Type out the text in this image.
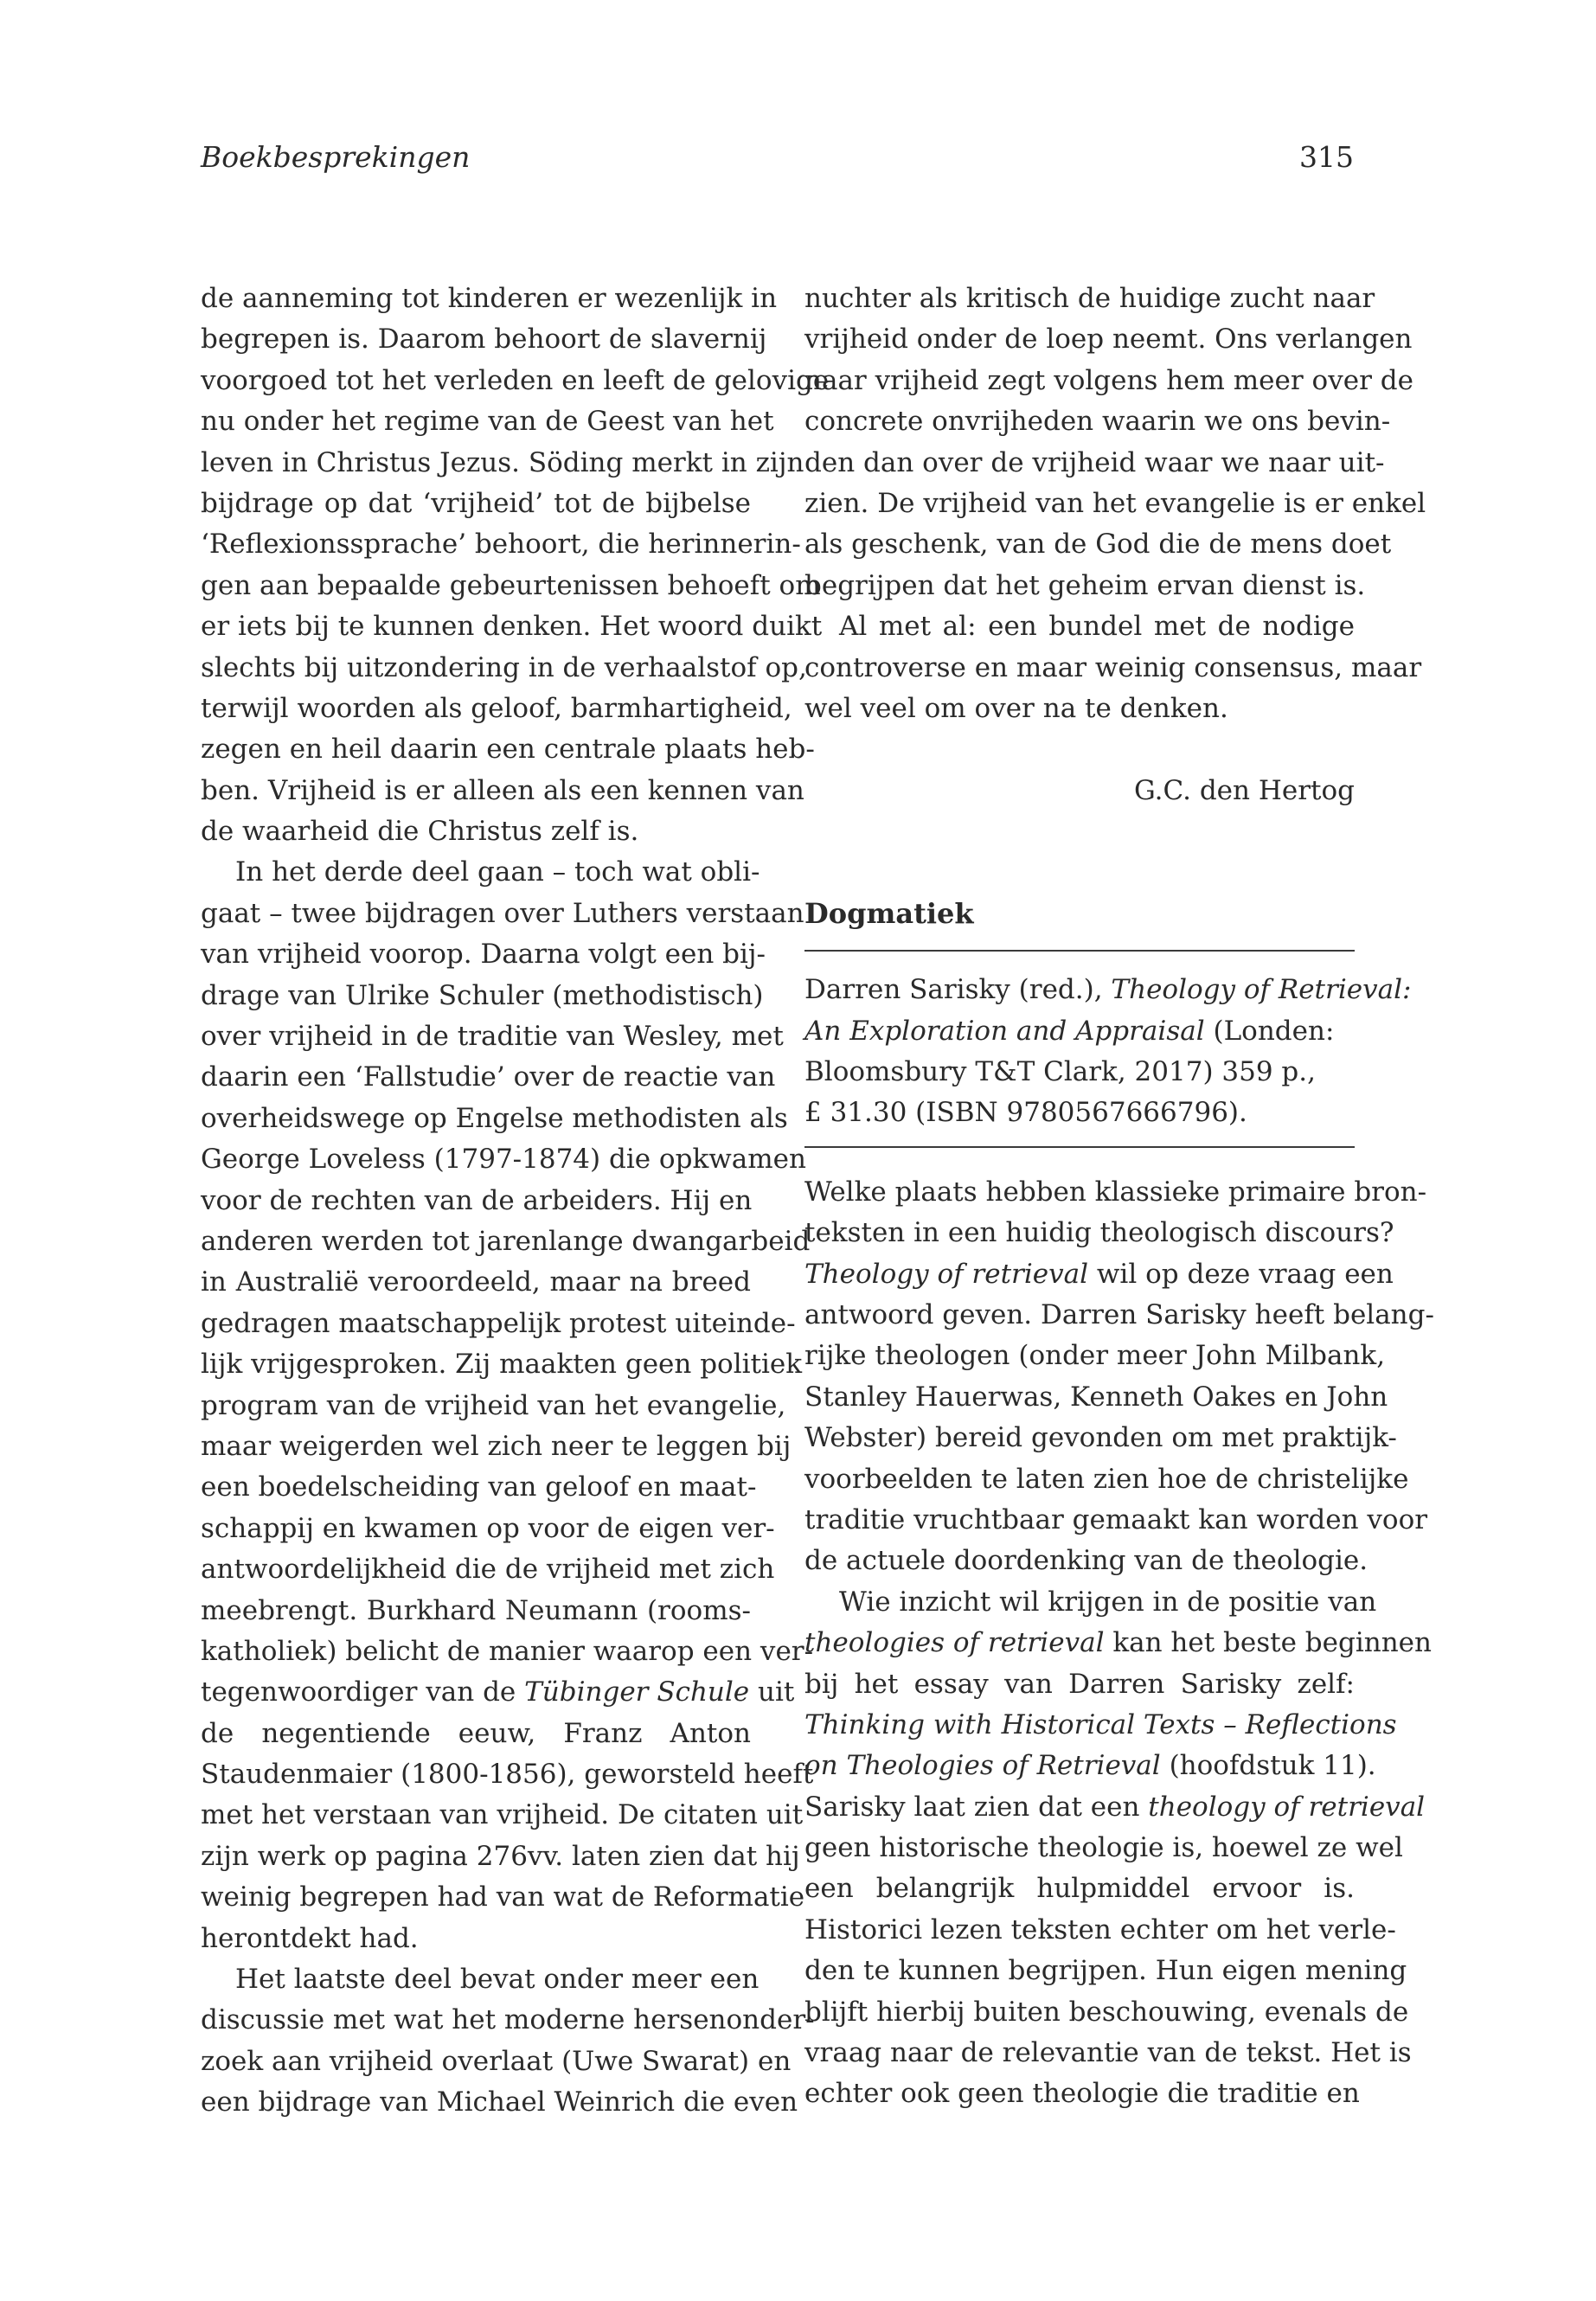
Boekbesprekingen	315
de aanneming tot kinderen er wezenlijk in
begrepen is. Daarom behoort de slavernij
voorgoed tot het verleden en leeft de gelovige
nu onder het regime van de Geest van het
leven in Christus Jezus. Söding merkt in zijn
bijdrage op dat ‘vrijheid’ tot de bijbelse
‘Reflexionssprache’ behoort, die herinnerin-
gen aan bepaalde gebeurtenissen behoeft om
er iets bij te kunnen denken. Het woord duikt
slechts bij uitzondering in de verhaalstof op,
terwijl woorden als geloof, barmhartigheid,
zegen en heil daarin een centrale plaats heb-
ben. Vrijheid is er alleen als een kennen van
de waarheid die Christus zelf is.
In het derde deel gaan – toch wat obli-
gaat – twee bijdragen over Luthers verstaan
van vrijheid voorop. Daarna volgt een bij-
drage van Ulrike Schuler (methodistisch)
over vrijheid in de traditie van Wesley, met
daarin een ‘Fallstudie’ over de reactie van
overheidswege op Engelse methodisten als
George Loveless (1797-1874) die opkwamen
voor de rechten van de arbeiders. Hij en
anderen werden tot jarenlange dwangarbeid
in Australië veroordeeld, maar na breed
gedragen maatschappelijk protest uiteinde-
lijk vrijgesproken. Zij maakten geen politiek
program van de vrijheid van het evangelie,
maar weigerden wel zich neer te leggen bij
een boedelscheiding van geloof en maat-
schappij en kwamen op voor de eigen ver-
antwoordelijkheid die de vrijheid met zich
meebrengt. Burkhard Neumann (rooms-
katholiek) belicht de manier waarop een ver-
tegenwoordiger van de Tübinger Schule uit
de negentiende eeuw, Franz Anton
Staudenmaier (1800-1856), geworsteld heeft
met het verstaan van vrijheid. De citaten uit
zijn werk op pagina 276vv. laten zien dat hij
weinig begrepen had van wat de Reformatie
herontdekt had.
Het laatste deel bevat onder meer een
discussie met wat het moderne hersenonder-
zoek aan vrijheid overlaat (Uwe Swarat) en
een bijdrage van Michael Weinrich die even
nuchter als kritisch de huidige zucht naar
vrijheid onder de loep neemt. Ons verlangen
naar vrijheid zegt volgens hem meer over de
concrete onvrijheden waarin we ons bevin-
den dan over de vrijheid waar we naar uit-
zien. De vrijheid van het evangelie is er enkel
als geschenk, van de God die de mens doet
begrijpen dat het geheim ervan dienst is.
Al met al: een bundel met de nodige
controverse en maar weinig consensus, maar
wel veel om over na te denken.
G.C. den Hertog
Dogmatiek
Darren Sarisky (red.), Theology of Retrieval:
An Exploration and Appraisal (Londen:
Bloomsbury T&T Clark, 2017) 359 p.,
£ 31.30 (ISBN 9780567666796).
Welke plaats hebben klassieke primaire bron-
teksten in een huidig theologisch discours?
Theology of retrieval wil op deze vraag een
antwoord geven. Darren Sarisky heeft belang-
rijke theologen (onder meer John Milbank,
Stanley Hauerwas, Kenneth Oakes en John
Webster) bereid gevonden om met praktijk-
voorbeelden te laten zien hoe de christelijke
traditie vruchtbaar gemaakt kan worden voor
de actuele doordenking van de theologie.
Wie inzicht wil krijgen in de positie van
theologies of retrieval kan het beste beginnen
bij het essay van Darren Sarisky zelf:
Thinking with Historical Texts – Reflections
on Theologies of Retrieval (hoofdstuk 11).
Sarisky laat zien dat een theology of retrieval
geen historische theologie is, hoewel ze wel
een belangrijk hulpmiddel ervoor is.
Historici lezen teksten echter om het verle-
den te kunnen begrijpen. Hun eigen mening
blijft hierbij buiten beschouwing, evenals de
vraag naar de relevantie van de tekst. Het is
echter ook geen theologie die traditie en
